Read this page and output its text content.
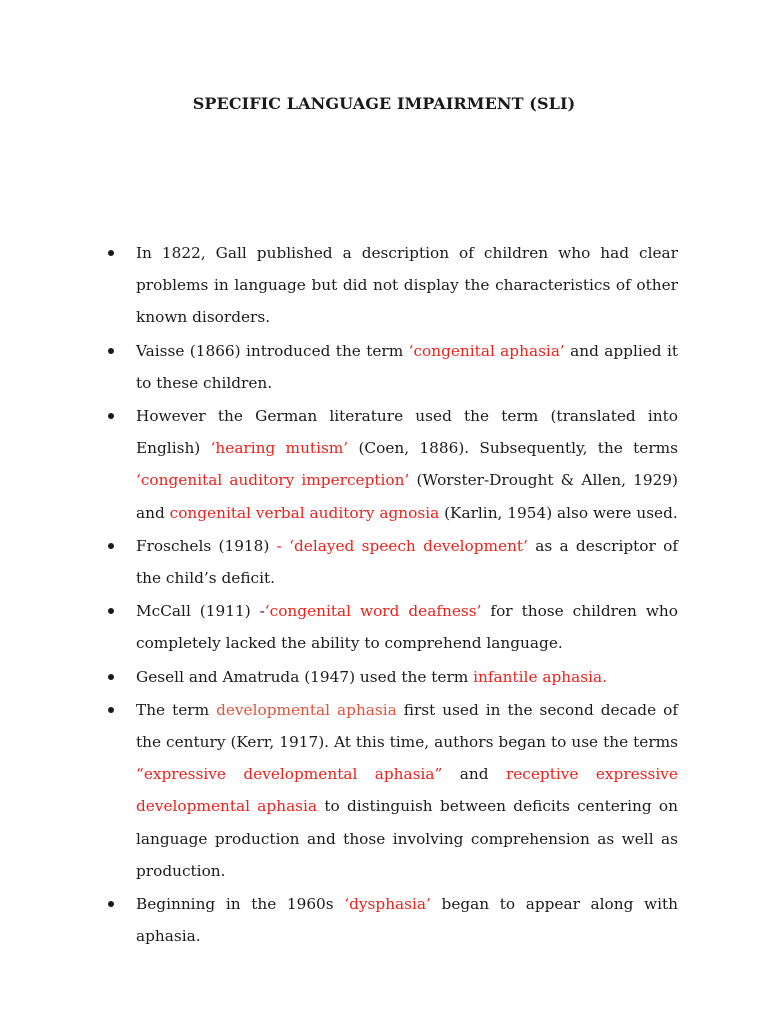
SPECIFIC LANGUAGE IMPAIRMENT (SLI)
In 1822, Gall published a description of children who had clear problems in language but did not display the characteristics of other known disorders.
Vaisse (1866) introduced the term ‘congenital aphasia’ and applied it to these children.
However the German literature used the term (translated into English) ‘hearing mutism’ (Coen, 1886). Subsequently, the terms ‘congenital auditory imperception’ (Worster-Drought & Allen, 1929) and congenital verbal auditory agnosia (Karlin, 1954) also were used.
Froschels (1918) - ‘delayed speech development’ as a descriptor of the child’s deficit.
McCall (1911) -‘congenital word deafness’ for those children who completely lacked the ability to comprehend language.
Gesell and Amatruda (1947) used the term infantile aphasia.
The term developmental aphasia first used in the second decade of the century (Kerr, 1917). At this time, authors began to use the terms “expressive developmental aphasia” and receptive expressive developmental aphasia to distinguish between deficits centering on language production and those involving comprehension as well as production.
Beginning in the 1960s ‘dysphasia’ began to appear along with aphasia.
